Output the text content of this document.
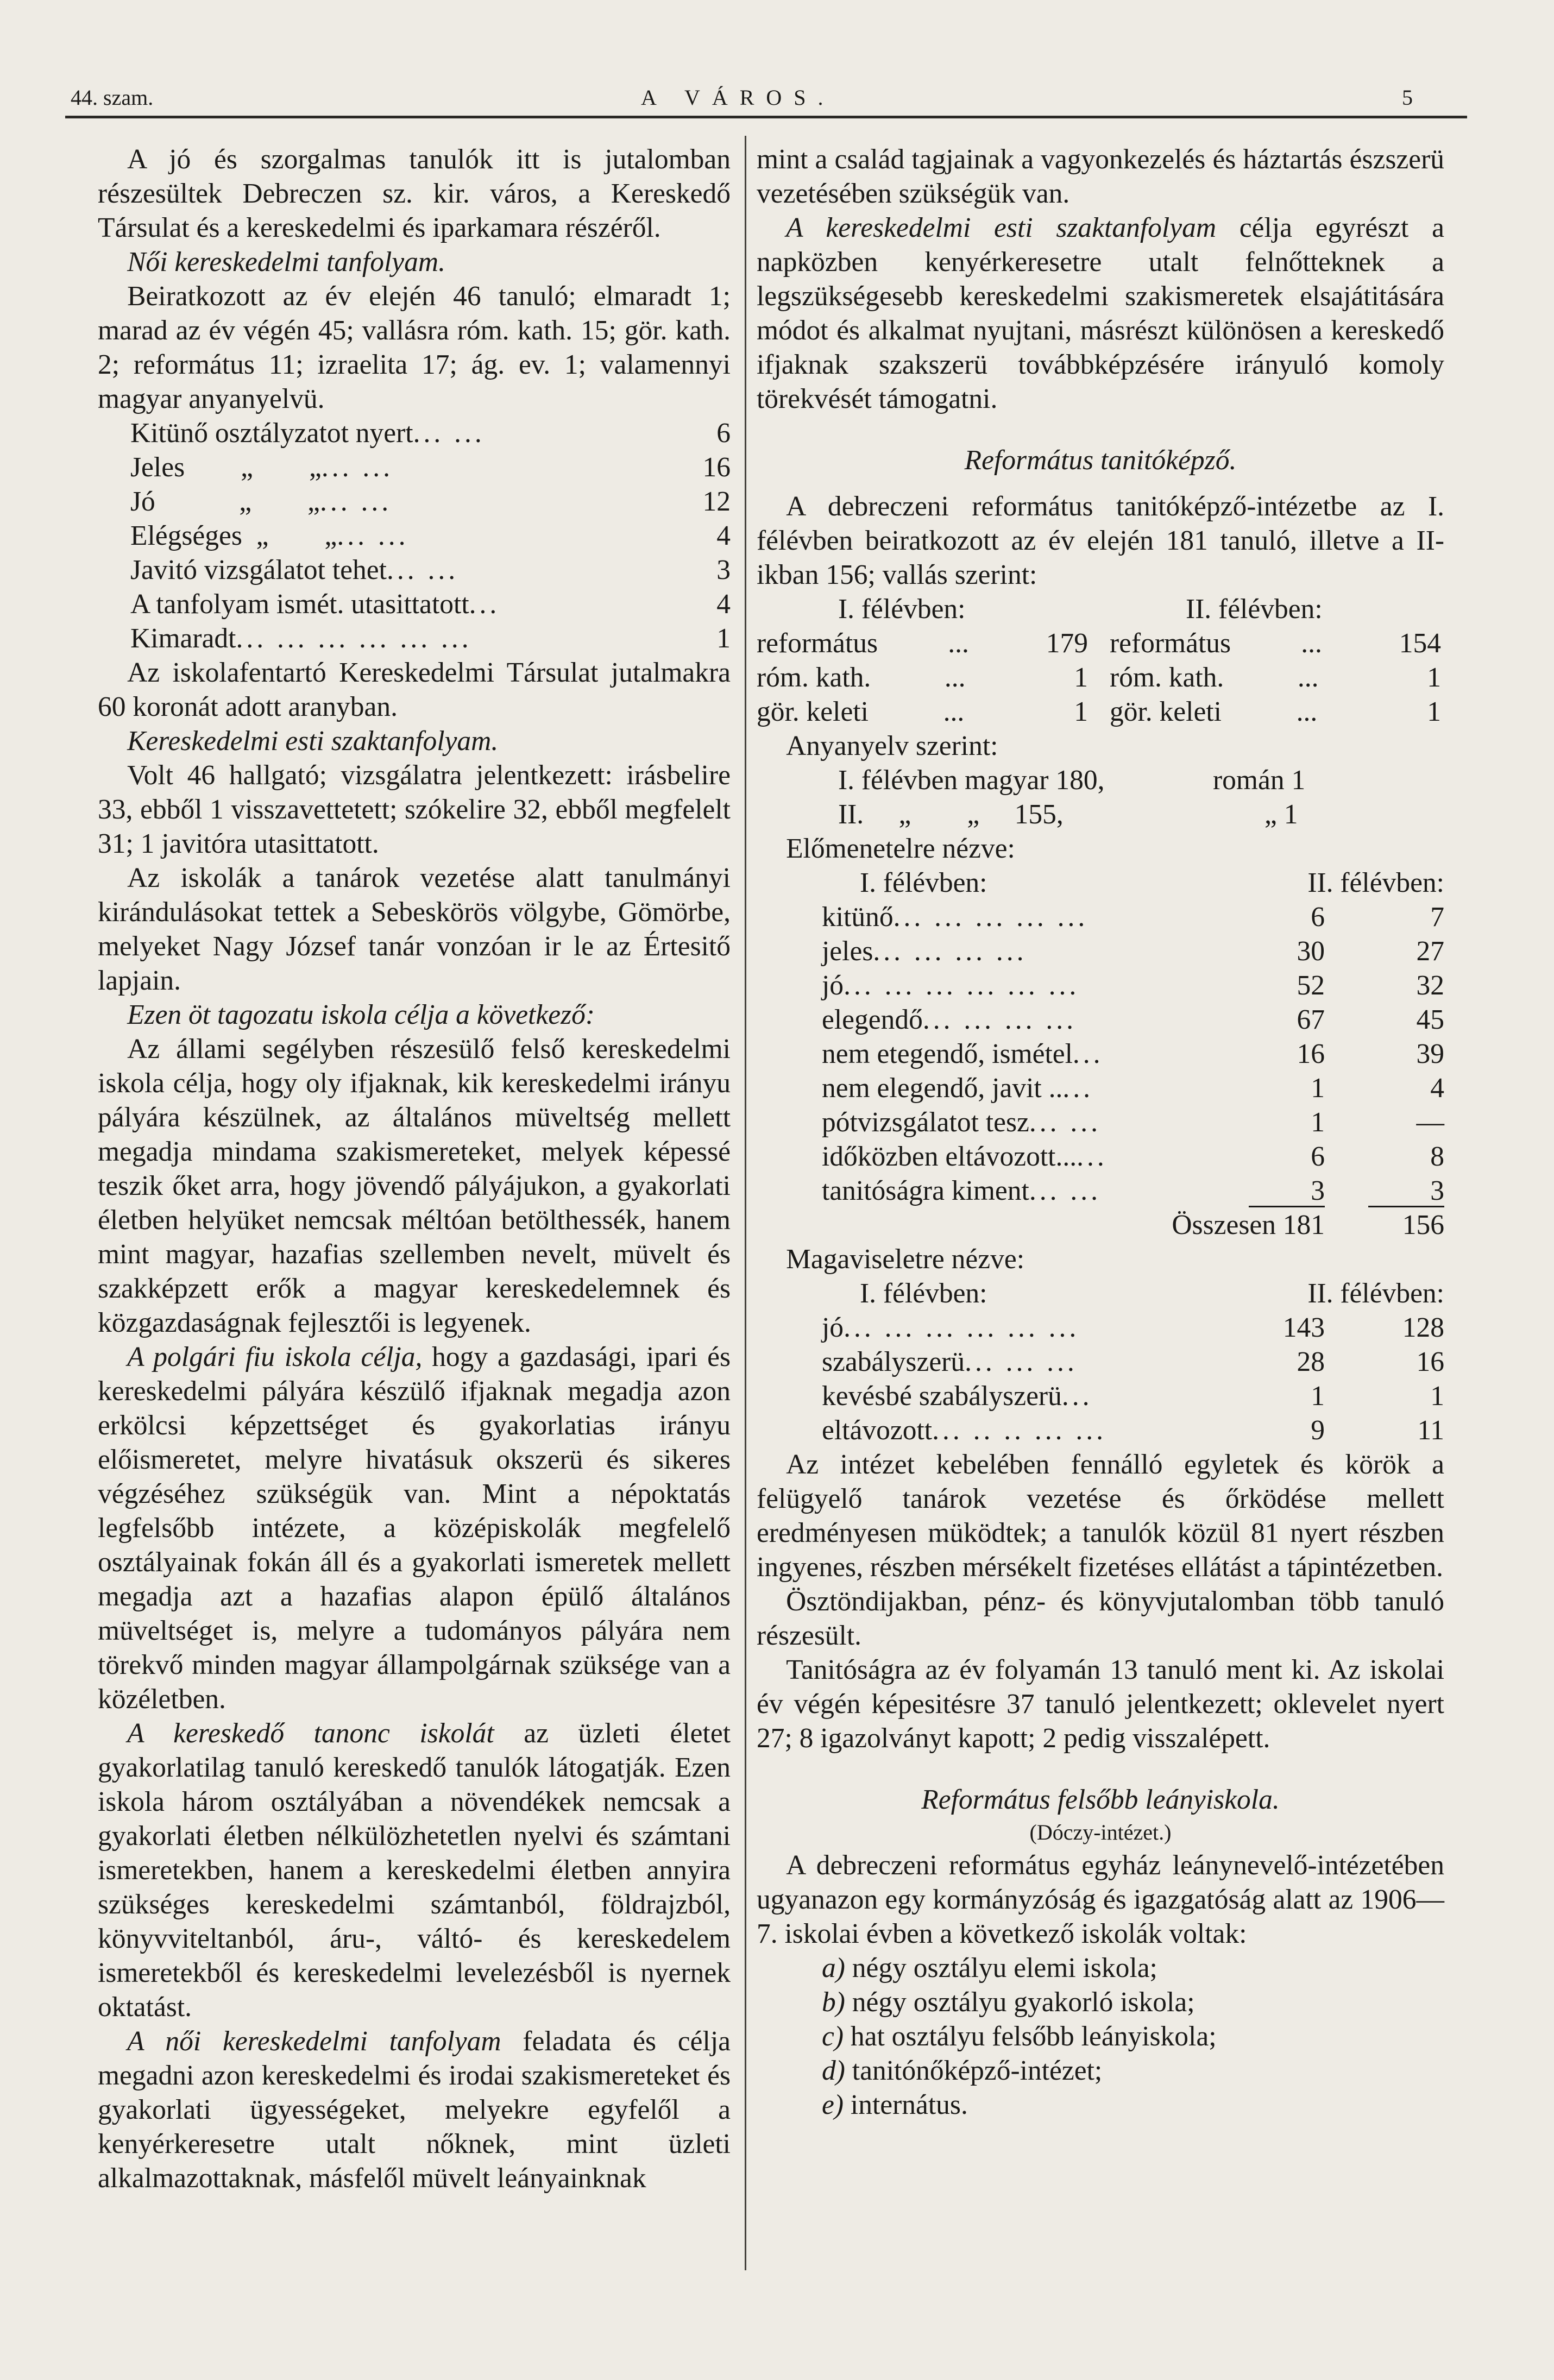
44. szam.	A VÁROS.	5

A jó és szorgalmas tanulók itt is jutalomban részesültek Debreczen sz. kir. város, a Kereskedő Társulat és a kereskedelmi és iparkamara részéről.

Női kereskedelmi tanfolyam.

Beiratkozott az év elején 46 tanuló; elmaradt 1; marad az év végén 45; vallásra róm. kath. 15; gör. kath. 2; református 11; izraelita 17; ág. ev. 1; valamennyi magyar anyanyelvü.

Kitünő osztályzatot nyert ... ...	6
Jeles        „        „ ... ...	16
Jó            „        „ ... ...	12
Elégséges  „        „ ... ...	4
Javitó vizsgálatot tehet ... ...	3
A tanfolyam ismét. utasittatott ...	4
Kimaradt ... ... ... ... ... ...	1

Az iskolafentartó Kereskedelmi Társulat jutalmakra 60 koronát adott aranyban.

Kereskedelmi esti szaktanfolyam.

Volt 46 hallgató; vizsgálatra jelentkezett: irásbelire 33, ebből 1 visszavettetett; szókelire 32, ebből megfelelt 31; 1 javitóra utasittatott.

Az iskolák a tanárok vezetése alatt tanulmányi kirándulásokat tettek a Sebeskörös völgybe, Gömörbe, melyeket Nagy József tanár vonzóan ir le az Értesitő lapjain.

Ezen öt tagozatu iskola célja a következő:

Az állami segélyben részesülő felső kereskedelmi iskola célja, hogy oly ifjaknak, kik kereskedelmi irányu pályára készülnek, az általános müveltség mellett megadja mindama szakismereteket, melyek képessé teszik őket arra, hogy jövendő pályájukon, a gyakorlati életben helyüket nemcsak méltóan betölthessék, hanem mint magyar, hazafias szellemben nevelt, müvelt és szakképzett erők a magyar kereskedelemnek és közgazdaságnak fejlesztői is legyenek.

A polgári fiu iskola célja, hogy a gazdasági, ipari és kereskedelmi pályára készülő ifjaknak megadja azon erkölcsi képzettséget és gyakorlatias irányu előismeretet, melyre hivatásuk okszerü és sikeres végzéséhez szükségük van. Mint a népoktatás legfelsőbb intézete, a középiskolák megfelelő osztályainak fokán áll és a gyakorlati ismeretek mellett megadja azt a hazafias alapon épülő általános müveltséget is, melyre a tudományos pályára nem törekvő minden magyar állampolgárnak szüksége van a közéletben.

A kereskedő tanonc iskolát az üzleti életet gyakorlatilag tanuló kereskedő tanulók látogatják. Ezen iskola három osztályában a növendékek nemcsak a gyakorlati életben nélkülözhetetlen nyelvi és számtani ismeretekben, hanem a kereskedelmi életben annyira szükséges kereskedelmi számtanból, földrajzból, könyvviteltanból, áru-, váltó- és kereskedelem ismeretekből és kereskedelmi levelezésből is nyernek oktatást.

A női kereskedelmi tanfolyam feladata és célja megadni azon kereskedelmi és irodai szakismereteket és gyakorlati ügyességeket, melyekre egyfelől a kenyérkeresetre utalt nőknek, mint üzleti alkalmazottaknak, másfelől müvelt leányainknak

mint a család tagjainak a vagyonkezelés és háztartás észszerü vezetésében szükségük van.

A kereskedelmi esti szaktanfolyam célja egyrészt a napközben kenyérkeresetre utalt felnőtteknek a legszükségesebb kereskedelmi szakismeretek elsajátitására módot és alkalmat nyujtani, másrészt különösen a kereskedő ifjaknak szakszerü továbbképzésére irányuló komoly törekvését támogatni.

Református tanitóképző.

A debreczeni református tanitóképző-intézetbe az I. félévben beiratkozott az év elején 181 tanuló, illetve a II-ikban 156; vallás szerint:

I. félévben:	II. félévben:
református	...	179 református	...	154
róm. kath.	...	1 róm. kath.	...	1
gör. keleti	...	1 gör. keleti	...	1

Anyanyelv szerint:

I. félévben magyar 180,	román 1
II.     „        „     155,	„ 1

Előmenetelre nézve:

I. félévben:	II. félévben:
kitünő ... ... ... ... ...	6	7
jeles ... ... ... ...	30	27
jó ... ... ... ... ... ...	52	32
elegendő ... ... ... ...	67	45
nem etegendő, ismétel ...	16	39
nem elegendő, javit .. ...	1	4
pótvizsgálatot tesz ... ...	1	—
időközben eltávozott... ...	6	8
tanitóságra kiment ... ...	3	3
Összesen 181	156

Magaviseletre nézve:

I. félévben:	II. félévben:
jó ... ... ... ... ... ...	143	128
szabályszerü ... ... ...	28	16
kevésbé szabályszerü ...	1	1
eltávozott ... .. .. ... ...	9	11

Az intézet kebelében fennálló egyletek és körök a felügyelő tanárok vezetése és őrködése mellett eredményesen müködtek; a tanulók közül 81 nyert részben ingyenes, részben mérsékelt fizetéses ellátást a tápintézetben.

Ösztöndijakban, pénz- és könyvjutalomban több tanuló részesült.

Tanitóságra az év folyamán 13 tanuló ment ki. Az iskolai év végén képesitésre 37 tanuló jelentkezett; oklevelet nyert 27; 8 igazolványt kapott; 2 pedig visszalépett.

Református felsőbb leányiskola.

(Dóczy-intézet.)

A debreczeni református egyház leánynevelő-intézetében ugyanazon egy kormányzóság és igazgatóság alatt az 1906—7. iskolai évben a következő iskolák voltak:

a) négy osztályu elemi iskola;

b) négy osztályu gyakorló iskola;

c) hat osztályu felsőbb leányiskola;

d) tanitónőképző-intézet;

e) internátus.
